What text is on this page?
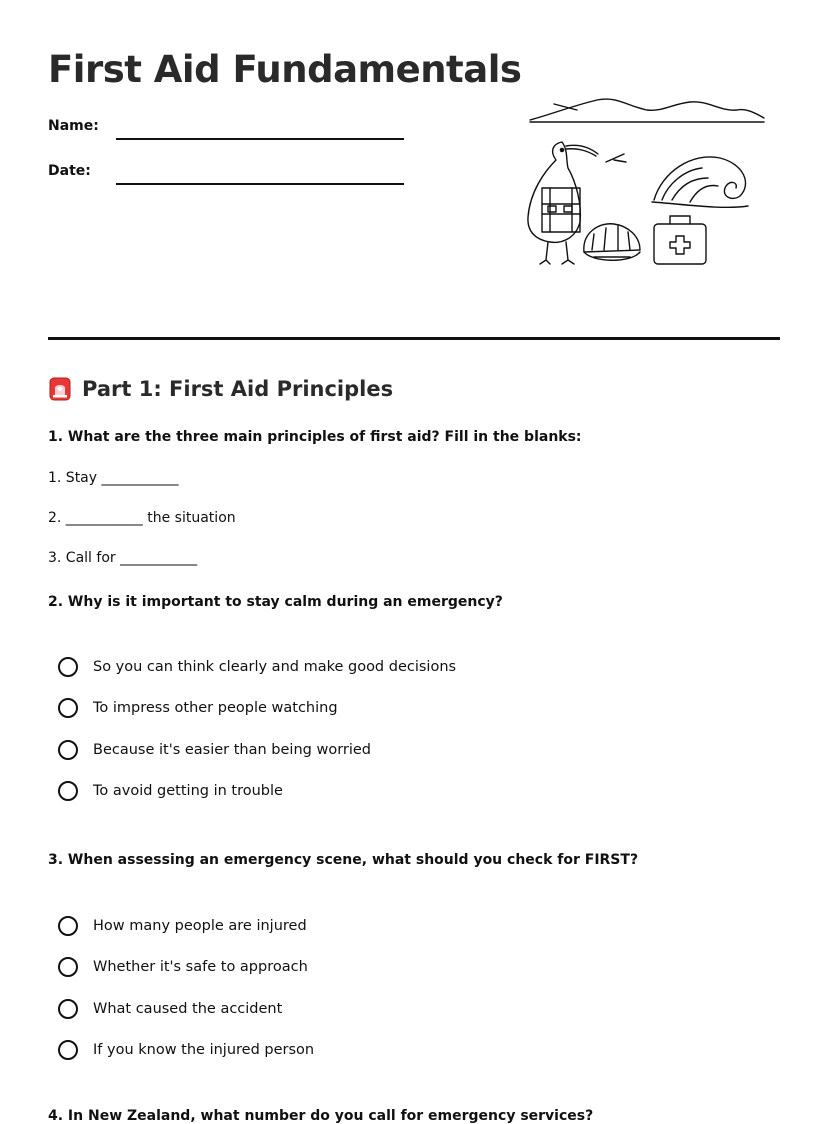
First Aid Fundamentals
Name:
Date:
Part 1: First Aid Principles
1. What are the three main principles of first aid? Fill in the blanks:
1. Stay ___________
2. ___________ the situation
3. Call for ___________
2. Why is it important to stay calm during an emergency?
So you can think clearly and make good decisions
To impress other people watching
Because it's easier than being worried
To avoid getting in trouble
3. When assessing an emergency scene, what should you check for FIRST?
How many people are injured
Whether it's safe to approach
What caused the accident
If you know the injured person
4. In New Zealand, what number do you call for emergency services?
